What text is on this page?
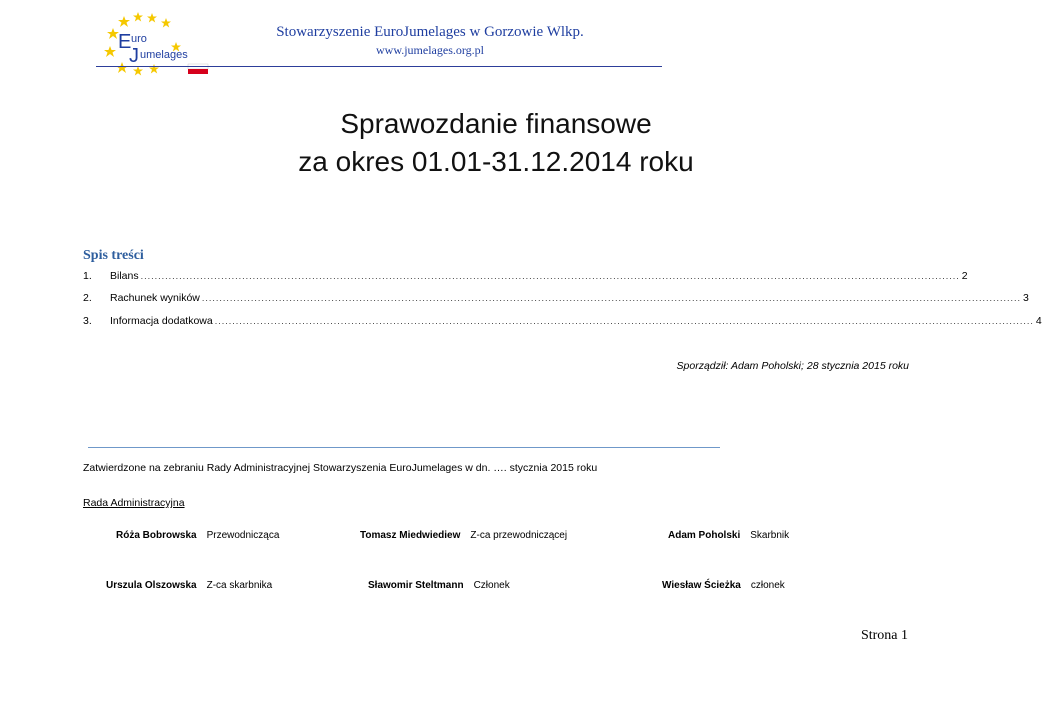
E uro
J umelages
Stowarzyszenie EuroJumelages w Gorzowie Wlkp.
www.jumelages.org.pl
Sprawozdanie finansowe
za okres 01.01-31.12.2014 roku
Spis treści
1.	Bilans .......................................................................................................................................................................................................................................... 2
2.	Rachunek wyników .......................................................................................................................................................................................................................................... 3
3.	Informacja dodatkowa .......................................................................................................................................................................................................................................... 4
Sporządził: Adam Poholski; 28 stycznia 2015 roku
Zatwierdzone na zebraniu Rady Administracyjnej Stowarzyszenia EuroJumelages w dn. …. stycznia 2015 roku
Rada Administracyjna
Róża Bobrowska Przewodnicząca	Tomasz Miedwiediew Z-ca przewodniczącej	Adam Poholski Skarbnik
Urszula Olszowska Z-ca skarbnika	Sławomir Steltmann Członek	Wiesław Ścieżka członek
Strona 1
